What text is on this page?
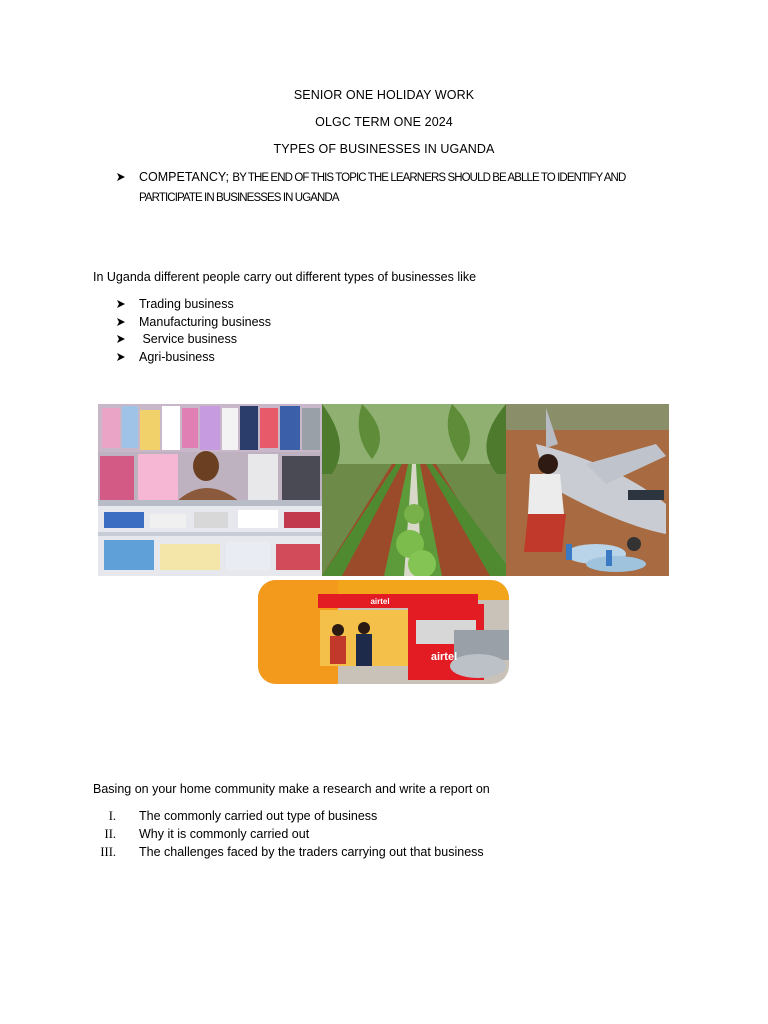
SENIOR ONE HOLIDAY WORK
OLGC TERM ONE 2024
TYPES OF BUSINESSES IN UGANDA
COMPETANCY; BY THE END OF THIS TOPIC THE LEARNERS SHOULD BE ABLLE TO IDENTIFY AND PARTICIPATE IN BUSINESSES IN UGANDA
In Uganda different people carry out different types of businesses like
Trading business
Manufacturing business
Service business
Agri-business
airtel
airtel
Basing on your home community make a research and write a report on
I. The commonly carried out type of business
II. Why it is commonly carried out
III. The challenges faced by the traders carrying out that business
